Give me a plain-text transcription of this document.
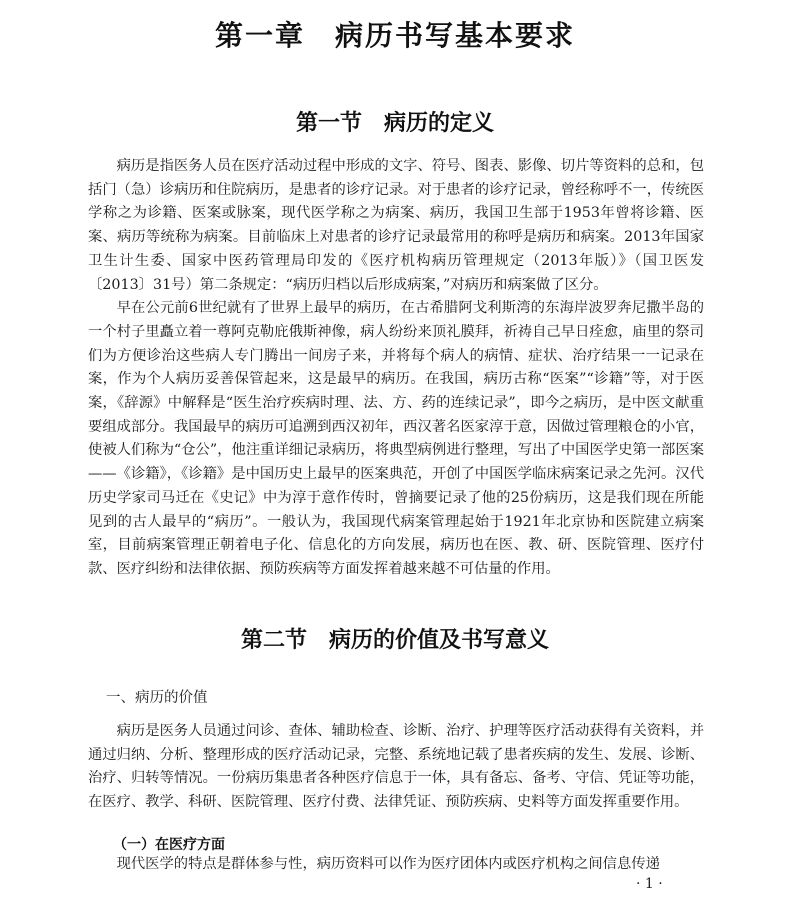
第一章　病历书写基本要求
第一节　病历的定义

病历是指医务人员在医疗活动过程中形成的文字、符号、图表、影像、切片等资料的总和，包括门（急）诊病历和住院病历，是患者的诊疗记录。对于患者的诊疗记录，曾经称呼不一，传统医学称之为诊籍、医案或脉案，现代医学称之为病案、病历，我国卫生部于1953年曾将诊籍、医案、病历等统称为病案。目前临床上对患者的诊疗记录最常用的称呼是病历和病案。2013年国家卫生计生委、国家中医药管理局印发的《医疗机构病历管理规定（2013年版）》（国卫医发〔2013〕31号）第二条规定：“病历归档以后形成病案，”对病历和病案做了区分。

早在公元前6世纪就有了世界上最早的病历，在古希腊阿戈利斯湾的东海岸波罗奔尼撒半岛的一个村子里矗立着一尊阿克勒庇俄斯神像，病人纷纷来顶礼膜拜，祈祷自己早日痊愈，庙里的祭司们为方便诊治这些病人专门腾出一间房子来，并将每个病人的病情、症状、治疗结果一一记录在案，作为个人病历妥善保管起来，这是最早的病历。在我国，病历古称“医案”“诊籍”等，对于医案，《辞源》中解释是“医生治疗疾病时理、法、方、药的连续记录”，即今之病历，是中医文献重要组成部分。我国最早的病历可追溯到西汉初年，西汉著名医家淳于意，因做过管理粮仓的小官，使被人们称为“仓公”，他注重详细记录病历，将典型病例进行整理，写出了中国医学史第一部医案——《诊籍》，《诊籍》是中国历史上最早的医案典范，开创了中国医学临床病案记录之先河。汉代历史学家司马迁在《史记》中为淳于意作传时，曾摘要记录了他的25份病历，这是我们现在所能见到的古人最早的“病历”。一般认为，我国现代病案管理起始于1921年北京协和医院建立病案室，目前病案管理正朝着电子化、信息化的方向发展，病历也在医、教、研、医院管理、医疗付款、医疗纠纷和法律依据、预防疾病等方面发挥着越来越不可估量的作用。

第二节　病历的价值及书写意义
一、病历的价值

病历是医务人员通过问诊、查体、辅助检查、诊断、治疗、护理等医疗活动获得有关资料，并通过归纳、分析、整理形成的医疗活动记录，完整、系统地记载了患者疾病的发生、发展、诊断、治疗、归转等情况。一份病历集患者各种医疗信息于一体，具有备忘、备考、守信、凭证等功能，在医疗、教学、科研、医院管理、医疗付费、法律凭证、预防疾病、史料等方面发挥重要作用。

（一）在医疗方面

现代医学的特点是群体参与性，病历资料可以作为医疗团体内或医疗机构之间信息传递

· 1 ·
